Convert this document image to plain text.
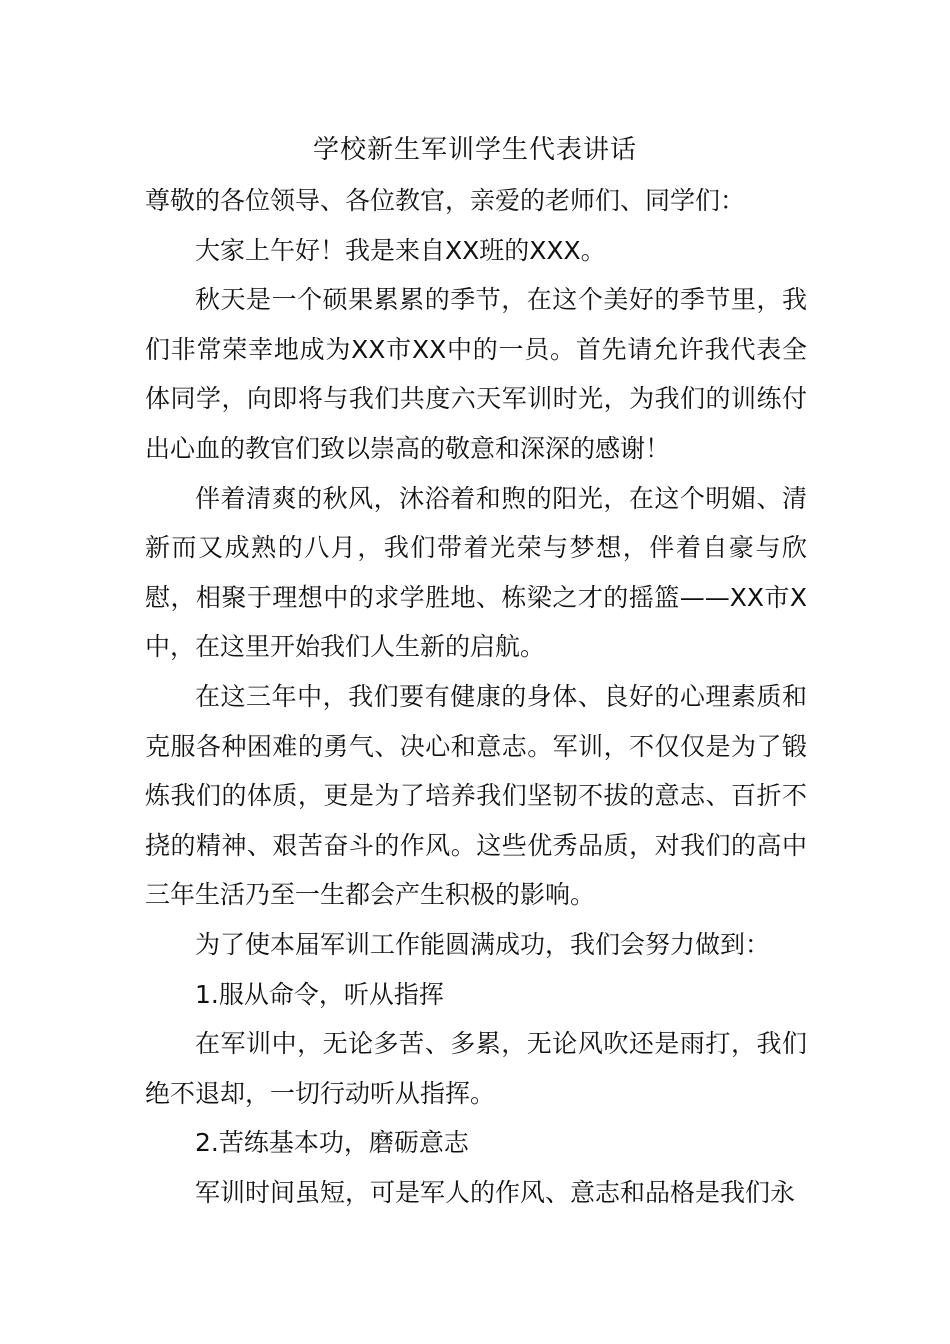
学校新生军训学生代表讲话

尊敬的各位领导、各位教官，亲爱的老师们、同学们：

大家上午好！我是来自XX班的XXX。

秋天是一个硕果累累的季节，在这个美好的季节里，我们非常荣幸地成为XX市XX中的一员。首先请允许我代表全体同学，向即将与我们共度六天军训时光，为我们的训练付出心血的教官们致以崇高的敬意和深深的感谢！

伴着清爽的秋风，沐浴着和煦的阳光，在这个明媚、清新而又成熟的八月，我们带着光荣与梦想，伴着自豪与欣慰，相聚于理想中的求学胜地、栋梁之才的摇篮——XX市X中，在这里开始我们人生新的启航。

在这三年中，我们要有健康的身体、良好的心理素质和克服各种困难的勇气、决心和意志。军训，不仅仅是为了锻炼我们的体质，更是为了培养我们坚韧不拔的意志、百折不挠的精神、艰苦奋斗的作风。这些优秀品质，对我们的高中三年生活乃至一生都会产生积极的影响。

为了使本届军训工作能圆满成功，我们会努力做到：

1.服从命令，听从指挥

在军训中，无论多苦、多累，无论风吹还是雨打，我们绝不退却，一切行动听从指挥。

2.苦练基本功，磨砺意志

军训时间虽短，可是军人的作风、意志和品格是我们永
